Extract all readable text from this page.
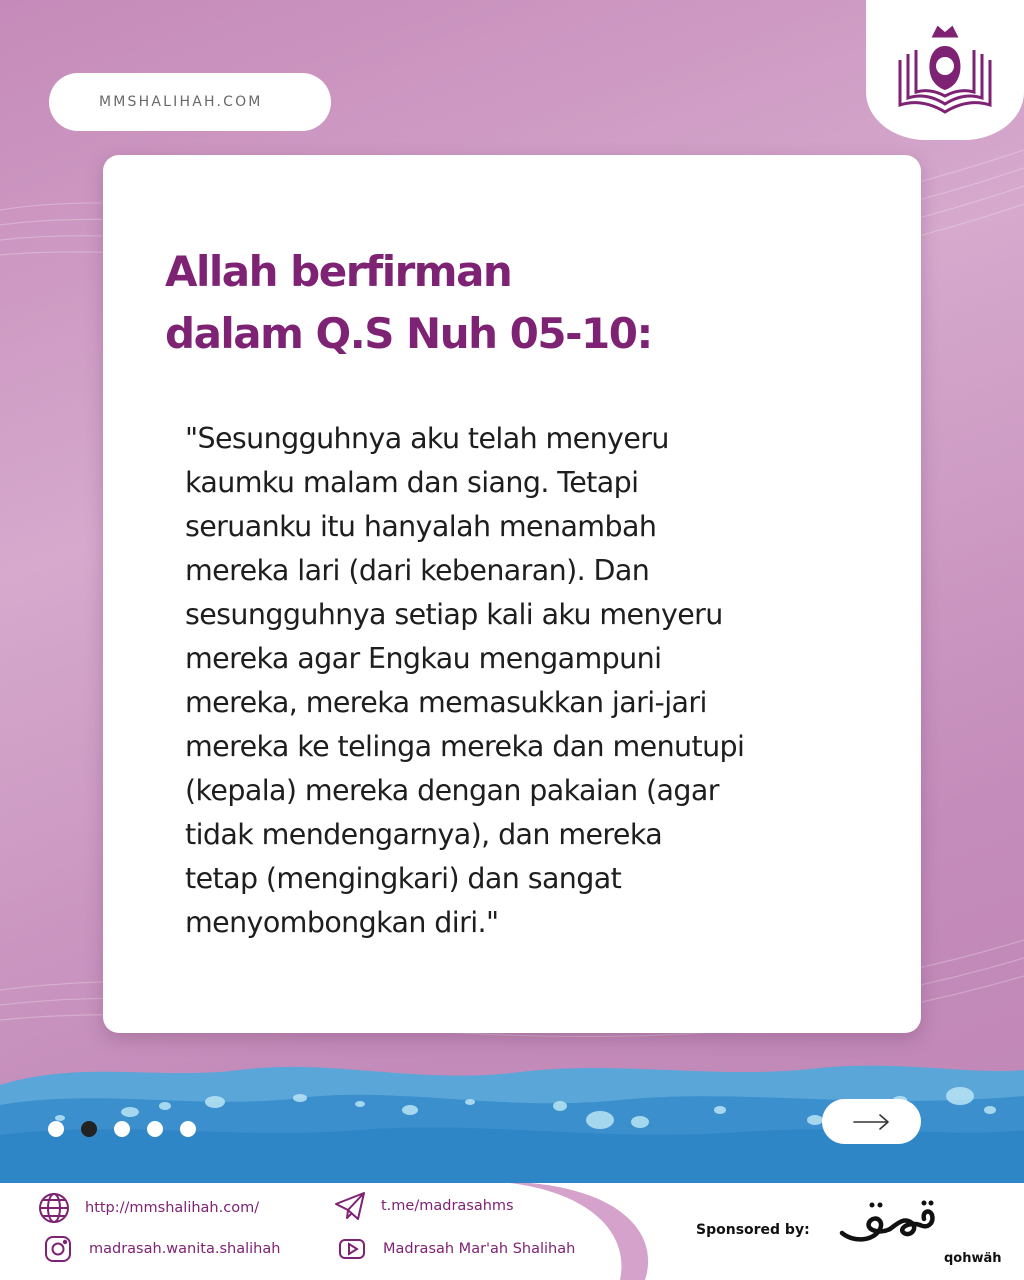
MMSHALIHAH.COM
Allah berfirman
dalam Q.S Nuh 05-10:
"Sesungguhnya aku telah menyeru
kaumku malam dan siang. Tetapi
seruanku itu hanyalah menambah
mereka lari (dari kebenaran). Dan
sesungguhnya setiap kali aku menyeru
mereka agar Engkau mengampuni
mereka, mereka memasukkan jari-jari
mereka ke telinga mereka dan menutupi
(kepala) mereka dengan pakaian (agar
tidak mendengarnya), dan mereka
tetap (mengingkari) dan sangat
menyombongkan diri."
http://mmshalihah.com/	t.me/madrasahms
madrasah.wanita.shalihah	Madrasah Mar'ah Shalihah
Sponsored by:
qohwäh
